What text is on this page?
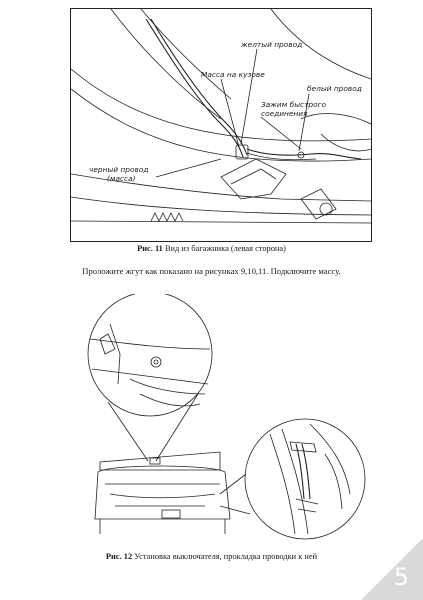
желтый провод
Масса на кузове
белый провод
Зажим быстрого
соединения
черный провод
(масса)
Рис. 11 Вид из багажника (левая сторона)
Проложите жгут как показано на рисунках 9,10,11. Подключите массу.
Рис. 12 Установка выключателя, прокладка проводки к ней
5
